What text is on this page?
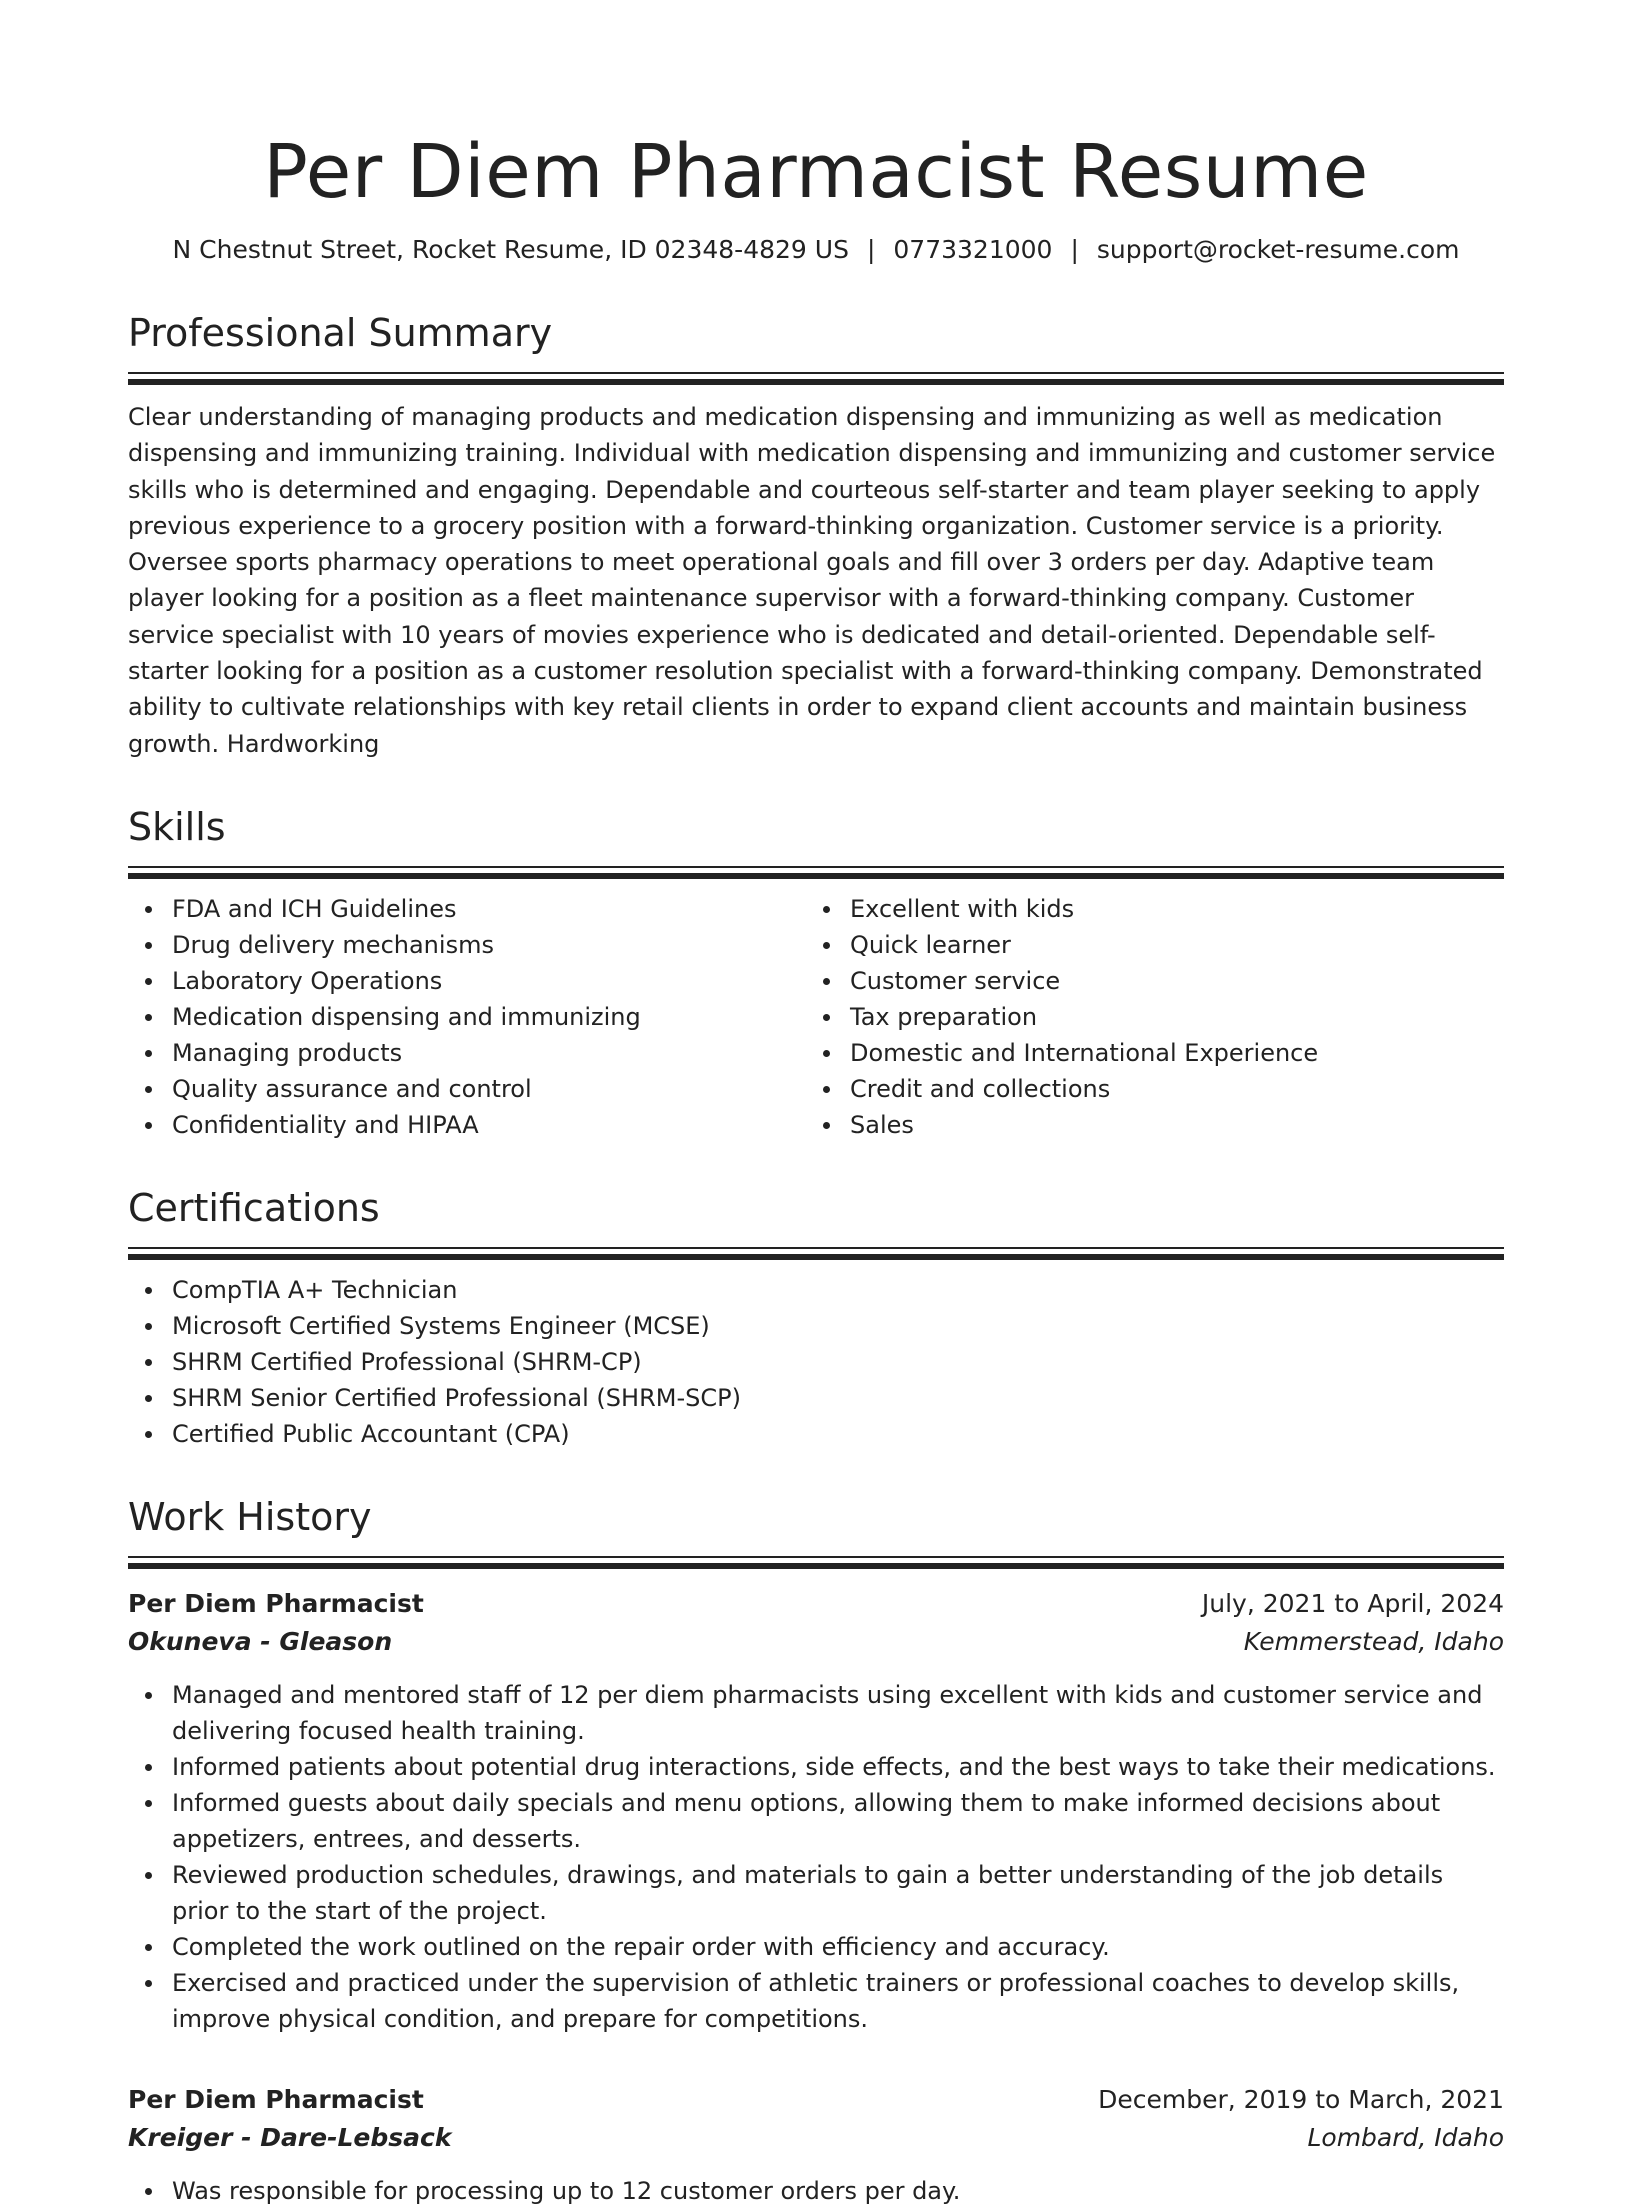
Per Diem Pharmacist Resume
N Chestnut Street, Rocket Resume, ID 02348-4829 US | 0773321000 | support@rocket-resume.com
Professional Summary

Clear understanding of managing products and medication dispensing and immunizing as well as medication dispensing and immunizing training. Individual with medication dispensing and immunizing and customer service skills who is determined and engaging. Dependable and courteous self-starter and team player seeking to apply previous experience to a grocery position with a forward-thinking organization. Customer service is a priority. Oversee sports pharmacy operations to meet operational goals and fill over 3 orders per day. Adaptive team player looking for a position as a fleet maintenance supervisor with a forward-thinking company. Customer service specialist with 10 years of movies experience who is dedicated and detail-oriented. Dependable self-starter looking for a position as a customer resolution specialist with a forward-thinking company. Demonstrated ability to cultivate relationships with key retail clients in order to expand client accounts and maintain business growth. Hardworking

Skills
FDA and ICH Guidelines
Drug delivery mechanisms
Laboratory Operations
Medication dispensing and immunizing
Managing products
Quality assurance and control
Confidentiality and HIPAA
Excellent with kids
Quick learner
Customer service
Tax preparation
Domestic and International Experience
Credit and collections
Sales
Certifications
CompTIA A+ Technician
Microsoft Certified Systems Engineer (MCSE)
SHRM Certified Professional (SHRM-CP)
SHRM Senior Certified Professional (SHRM-SCP)
Certified Public Accountant (CPA)
Work History
Per Diem Pharmacist	July, 2021 to April, 2024
Okuneva - Gleason	Kemmerstead, Idaho
Managed and mentored staff of 12 per diem pharmacists using excellent with kids and customer service and delivering focused health training.
Informed patients about potential drug interactions, side effects, and the best ways to take their medications.
Informed guests about daily specials and menu options, allowing them to make informed decisions about appetizers, entrees, and desserts.
Reviewed production schedules, drawings, and materials to gain a better understanding of the job details prior to the start of the project.
Completed the work outlined on the repair order with efficiency and accuracy.
Exercised and practiced under the supervision of athletic trainers or professional coaches to develop skills, improve physical condition, and prepare for competitions.
Per Diem Pharmacist	December, 2019 to March, 2021
Kreiger - Dare-Lebsack	Lombard, Idaho
Was responsible for processing up to 12 customer orders per day.
